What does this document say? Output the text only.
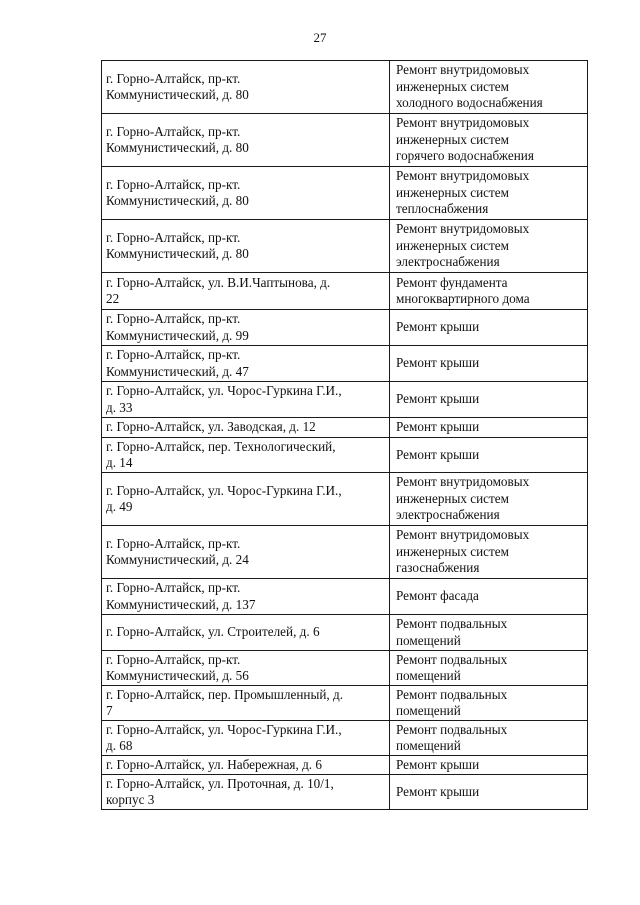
27
г. Горно-Алтайск, пр-кт.
Коммунистический, д. 80	Ремонт внутридомовых
инженерных систем
холодного водоснабжения
г. Горно-Алтайск, пр-кт.
Коммунистический, д. 80	Ремонт внутридомовых
инженерных систем
горячего водоснабжения
г. Горно-Алтайск, пр-кт.
Коммунистический, д. 80	Ремонт внутридомовых
инженерных систем
теплоснабжения
г. Горно-Алтайск, пр-кт.
Коммунистический, д. 80	Ремонт внутридомовых
инженерных систем
электроснабжения
г. Горно-Алтайск, ул. В.И.Чаптынова, д.
22	Ремонт фундамента
многоквартирного дома
г. Горно-Алтайск, пр-кт.
Коммунистический, д. 99	Ремонт крыши
г. Горно-Алтайск, пр-кт.
Коммунистический, д. 47	Ремонт крыши
г. Горно-Алтайск, ул. Чорос-Гуркина Г.И.,
д. 33	Ремонт крыши
г. Горно-Алтайск, ул. Заводская, д. 12	Ремонт крыши
г. Горно-Алтайск, пер. Технологический,
д. 14	Ремонт крыши
г. Горно-Алтайск, ул. Чорос-Гуркина Г.И.,
д. 49	Ремонт внутридомовых
инженерных систем
электроснабжения
г. Горно-Алтайск, пр-кт.
Коммунистический, д. 24	Ремонт внутридомовых
инженерных систем
газоснабжения
г. Горно-Алтайск, пр-кт.
Коммунистический, д. 137	Ремонт фасада
г. Горно-Алтайск, ул. Строителей, д. 6	Ремонт подвальных
помещений
г. Горно-Алтайск, пр-кт.
Коммунистический, д. 56	Ремонт подвальных
помещений
г. Горно-Алтайск, пер. Промышленный, д.
7	Ремонт подвальных
помещений
г. Горно-Алтайск, ул. Чорос-Гуркина Г.И.,
д. 68	Ремонт подвальных
помещений
г. Горно-Алтайск, ул. Набережная, д. 6	Ремонт крыши
г. Горно-Алтайск, ул. Проточная, д. 10/1,
корпус 3	Ремонт крыши
